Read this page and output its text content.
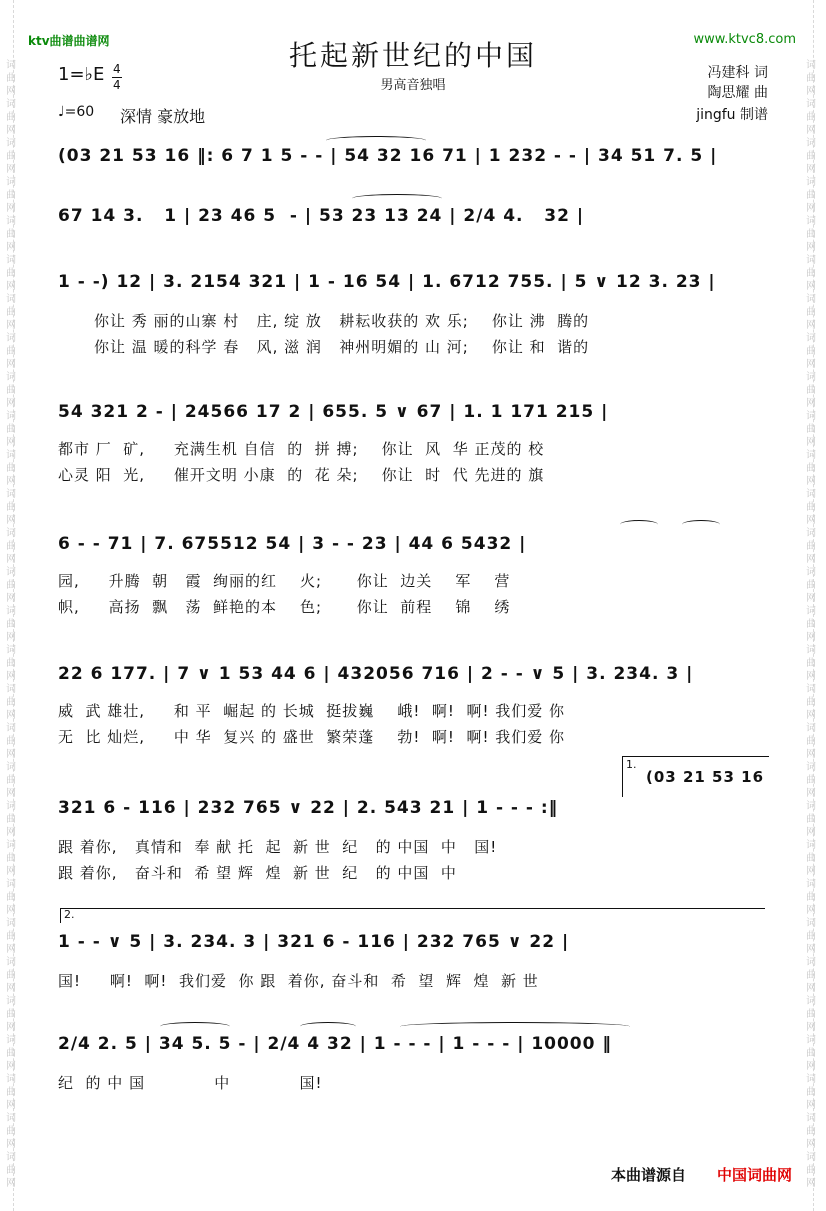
词
曲
网
词
曲
网
词
曲
网
词
曲
网
词
曲
网
词
曲
网
词
曲
网
词
曲
网
词
曲
网
词
曲
网
词
曲
网
词
曲
网
词
曲
网
词
曲
网
词
曲
网
词
曲
网
词
曲
网
词
曲
网
词
曲
网
词
曲
网
词
曲
网
词
曲
网
词
曲
网
词
曲
网
词
曲
网
词
曲
网
词
曲
网
词
曲
网
词
曲
网
词
曲
网
词
曲
网
词
曲
网
词
曲
网
词
曲
网
词
曲
网
词
曲
网
词
曲
网
词
曲
网
词
曲
网
词
曲
网
词
曲
网
词
曲
网
词
曲
网
词
曲
网
词
曲
网
词
曲
网
词
曲
网
词
曲
网
词
曲
网
词
曲
网
词
曲
网
词
曲
网
词
曲
网
词
曲
网
词
曲
网
词
曲
网
词
曲
网
词
曲
网
ktv曲谱曲谱网	www.ktvc8.com
托起新世纪的中国
男高音独唱
冯建科 词
陶思耀 曲
jingfu 制谱
1=♭E 4
4
♩=60 深情 豪放地
(03 21 53 16 ‖: 6 7 1 5 - - | 54 32 16 71 | 1 232 - - | 34 51 7. 5 |
67 14 3.   1 | 23 46 5  - | 53 23 13 24 | 2/4 4.   32 |
1 - -) 12 | 3. 2154 321 | 1 - 16 54 | 1. 6712 755. | 5 ∨ 12 3. 23 |
你让 秀 丽的山寨 村   庄, 绽 放   耕耘收获的 欢 乐;    你让 沸  腾的
你让 温 暖的科学 春   风, 滋 润   神州明媚的 山 河;    你让 和  谐的
54 321 2 - | 24566 17 2 | 655. 5 ∨ 67 | 1. 1 171 215 |
都市 厂  矿,     充满生机 自信  的  拼 搏;    你让  风  华 正茂的 校
心灵 阳  光,     催开文明 小康  的  花 朵;    你让  时  代 先进的 旗
6 - - 71 | 7. 675512 54 | 3 - - 23 | 44 6 5432 |
园,     升腾  朝   霞  绚丽的红    火;      你让  边关    军    营
帜,     高扬  飘   荡  鲜艳的本    色;      你让  前程    锦    绣
22 6 177. | 7 ∨ 1 53 44 6 | 432056 716 | 2 - - ∨ 5 | 3. 234. 3 |
威  武 雄壮,     和 平  崛起 的 长城  挺拔巍    峨!  啊!  啊! 我们爱 你
无  比 灿烂,     中 华  复兴 的 盛世  繁荣蓬    勃!  啊!  啊! 我们爱 你
1.
(03 21 53 16
321 6 - 116 | 232 765 ∨ 22 | 2. 543 21 | 1 - - - :‖
跟 着你,   真情和  奉 献 托  起  新 世  纪   的 中国  中   国!
跟 着你,   奋斗和  希 望 辉  煌  新 世  纪   的 中国  中
2.
1 - - ∨ 5 | 3. 234. 3 | 321 6 - 116 | 232 765 ∨ 22 |
国!     啊!  啊!  我们爱  你 跟  着你, 奋斗和  希  望  辉  煌  新 世
2/4 2. 5 | 34 5. 5 - | 2/4 4 32 | 1 - - - | 1 - - - | 10000 ‖
纪  的 中 国            中            国!
本曲谱源自 中国词曲网
